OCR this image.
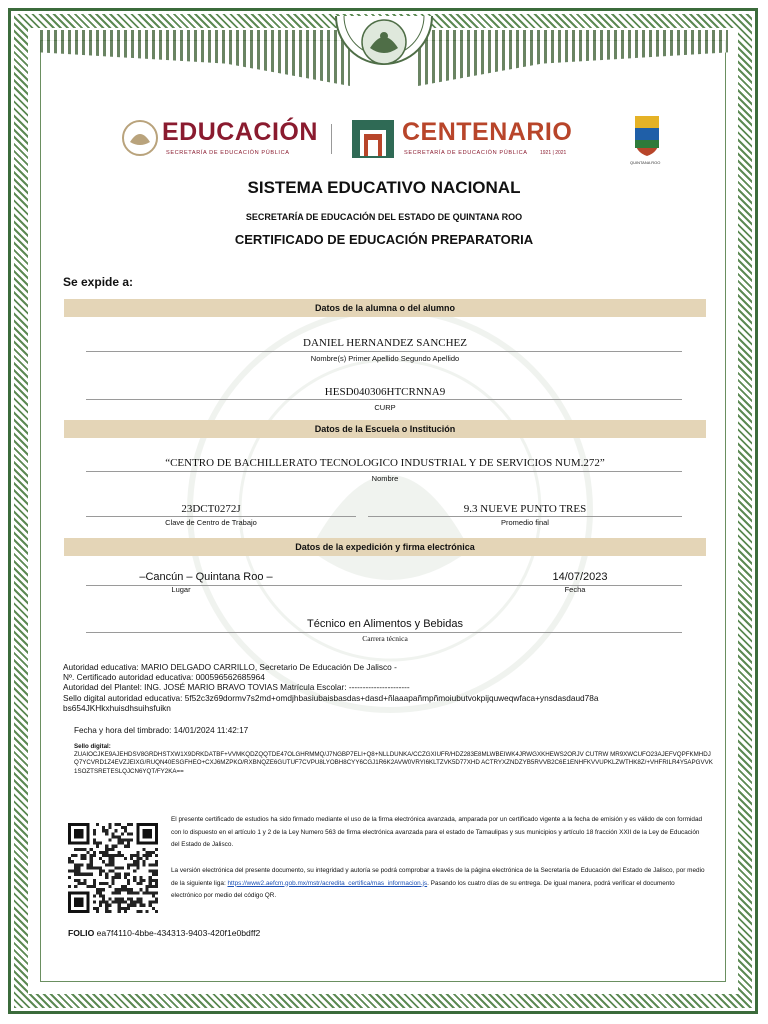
EDUCACIÓN
SECRETARÍA DE EDUCACIÓN PÚBLICA
CENTENARIO
SECRETARÍA DE EDUCACIÓN PÚBLICA 1921 | 2021
QUINTANA ROO
SISTEMA EDUCATIVO NACIONAL
SECRETARÍA DE EDUCACIÓN DEL ESTADO DE QUINTANA ROO
CERTIFICADO DE EDUCACIÓN PREPARATORIA
Se expide a:
Datos de la alumna o del alumno
DANIEL HERNANDEZ SANCHEZ
Nombre(s) Primer Apellido Segundo Apellido
HESD040306HTCRNNA9
CURP
Datos de la Escuela o Institución
“CENTRO DE BACHILLERATO TECNOLOGICO INDUSTRIAL Y DE SERVICIOS NUM.272”
Nombre
23DCT0272J
Clave de Centro de Trabajo
9.3 NUEVE PUNTO TRES
Promedio final
Datos de la expedición y firma electrónica
–Cancún – Quintana Roo –
Lugar
14/07/2023
Fecha
Técnico en Alimentos y Bebidas
Carrera técnica
Autoridad educativa: MARIO DELGADO CARRILLO, Secretario De Educación De Jalisco -
Nº. Certificado autoridad educativa: 000596562685964
Autoridad del Plantel: ING. JOSÉ MARIO BRAVO TOVIAS Matrícula Escolar: ----------------------
Sello digital autoridad educativa: 5f52c3z69dormv7s2md+omdjhbasiubaisbasdas+dasd+ñlaaapañmpñmoiubutvokpijquweqwfaca+ynsdasdaud78a
bs654JKHkxhuisdhsuihsfuikn
Fecha y hora del timbrado: 14/01/2024 11:42:17
Sello digital:
ZUAIOCJKE9AJEHDSV8GRDHSTXW1X9DRKDATBF+VVMKQDZQQTDE47OLGHRMMQ/J7NGBP7ELI+Q8+NLLDUNKA/CCZGXIUFR/HDZ283E8MLWBEIWK4JRWGXKHEWS2ORJV CUTRW MR9XWCUFO23AJEFVQPFKMHDJQ7YCVRD1Z4EVZJEIXG/RUQN40ESGFHEO+CXJ6MZPKO/RXBNQZE6GUTUF7CVPU8LYOBH8CYY6CGJ1R6K2AVW0VRYI6KLTZVK5D77XHD ACTRYXZNDZYB5RVVB2C6E1ENHFKVVUPKLZWTHK8Z/+VHFRILR4Y5APGVVK1SOZTSRETESLQJCN6YQT/FY2KA==
El presente certificado de estudios ha sido firmado mediante el uso de la firma electrónica avanzada, amparada por un certificado vigente a la fecha de emisión y es válido de con formidad con lo dispuesto en el artículo 1 y 2 de la Ley Numero 563 de firma electrónica avanzada para el estado de Tamaulipas y sus municipios y artículo 18 fracción XXII de la Ley de Educación del Estado de Jalisco.
La versión electrónica del presente documento, su integridad y autoría se podrá comprobar a través de la página electrónica de la Secretaría de Educación del Estado de Jalisco, por medio de la siguiente liga: https://www2.aefcm.gob.mx/mstr/acredita_certifica/mas_informacion.js. Pasando los cuatro días de su entrega. De igual manera, podrá verificar el documento electrónico por medio del código QR.
FOLIO ea7f4110-4bbe-434313-9403-420f1e0bdff2
